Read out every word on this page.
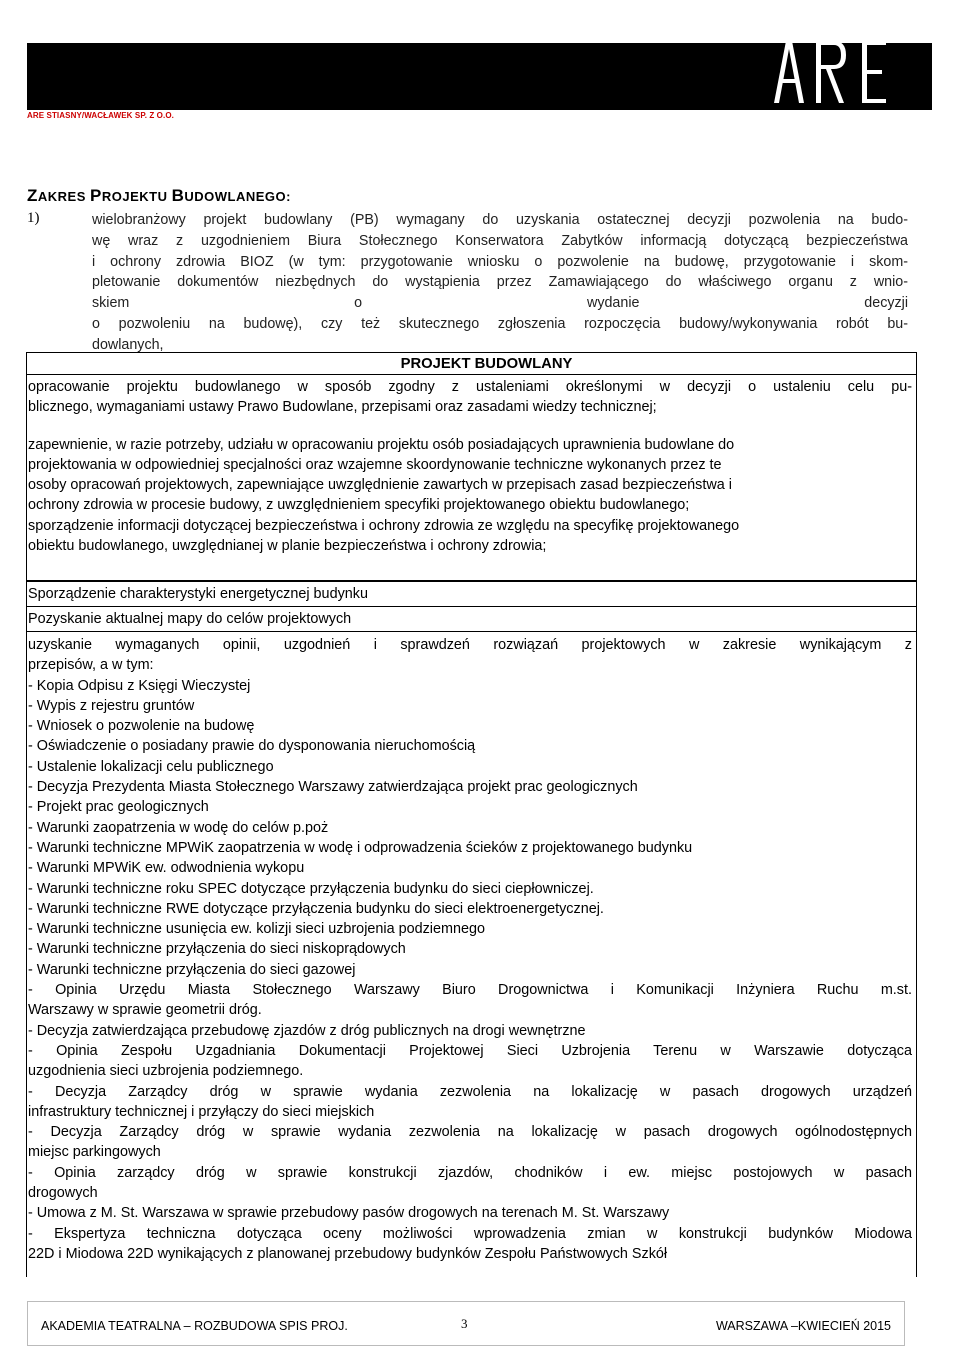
ARE STIASNY/WACŁAWEK SP. Z O.O.
ZAKRES PROJEKTU BUDOWLANEGO:
1)	wielobranżowy projekt budowlany (PB) wymagany do uzyskania ostatecznej decyzji pozwolenia na budo-
wę wraz z uzgodnieniem Biura Stołecznego Konserwatora Zabytków informacją dotyczącą bezpieczeństwa
i ochrony zdrowia BIOZ (w tym: przygotowanie wniosku o pozwolenie na budowę, przygotowanie i skom-
pletowanie dokumentów niezbędnych do wystąpienia przez Zamawiającego do właściwego organu z wnio-
skiem o wydanie decyzji
o pozwoleniu na budowę), czy też skutecznego zgłoszenia rozpoczęcia budowy/wykonywania robót bu-
dowlanych,
PROJEKT BUDOWLANY
opracowanie projektu budowlanego w sposób zgodny z ustaleniami określonymi w decyzji o ustaleniu celu pu-
blicznego, wymaganiami ustawy Prawo Budowlane, przepisami oraz zasadami wiedzy technicznej;
zapewnienie, w razie potrzeby, udziału w opracowaniu projektu osób posiadających uprawnienia budowlane do
projektowania w odpowiedniej specjalności oraz wzajemne skoordynowanie techniczne wykonanych przez te
osoby opracowań projektowych, zapewniające uwzględnienie zawartych w przepisach zasad bezpieczeństwa i
ochrony zdrowia w procesie budowy, z uwzględnieniem specyfiki projektowanego obiektu budowlanego;
sporządzenie informacji dotyczącej bezpieczeństwa i ochrony zdrowia ze względu na specyfikę projektowanego
obiektu budowlanego, uwzględnianej w planie bezpieczeństwa i ochrony zdrowia;
Sporządzenie charakterystyki energetycznej budynku
Pozyskanie aktualnej mapy do celów projektowych
uzyskanie wymaganych opinii, uzgodnień i sprawdzeń rozwiązań projektowych w zakresie wynikającym z
przepisów, a w tym:
- Kopia Odpisu z Księgi Wieczystej
- Wypis z rejestru gruntów
- Wniosek o pozwolenie na budowę
- Oświadczenie o posiadany prawie do dysponowania nieruchomością
- Ustalenie lokalizacji celu publicznego
- Decyzja Prezydenta Miasta Stołecznego Warszawy zatwierdzająca projekt prac geologicznych
- Projekt prac geologicznych
- Warunki zaopatrzenia w wodę do celów p.poż
- Warunki techniczne MPWiK zaopatrzenia w wodę i odprowadzenia ścieków z projektowanego budynku
- Warunki MPWiK ew. odwodnienia wykopu
- Warunki techniczne roku SPEC dotyczące przyłączenia budynku do sieci ciepłowniczej.
- Warunki techniczne RWE dotyczące przyłączenia budynku do sieci elektroenergetycznej.
- Warunki techniczne usunięcia ew. kolizji sieci uzbrojenia podziemnego
- Warunki techniczne przyłączenia do sieci niskoprądowych
- Warunki techniczne przyłączenia do sieci gazowej
- Opinia Urzędu Miasta Stołecznego Warszawy Biuro Drogownictwa i Komunikacji Inżyniera Ruchu m.st.
Warszawy w sprawie geometrii dróg.
- Decyzja zatwierdzająca przebudowę zjazdów z dróg publicznych na drogi wewnętrzne
- Opinia Zespołu Uzgadniania Dokumentacji Projektowej Sieci Uzbrojenia Terenu w Warszawie dotycząca
uzgodnienia sieci uzbrojenia podziemnego.
- Decyzja Zarządcy dróg w sprawie wydania zezwolenia na lokalizację w pasach drogowych urządzeń
infrastruktury technicznej i przyłączy do sieci miejskich
- Decyzja Zarządcy dróg w sprawie wydania zezwolenia na lokalizację w pasach drogowych ogólnodostępnych
miejsc parkingowych
- Opinia zarządcy dróg w sprawie konstrukcji zjazdów, chodników i ew. miejsc postojowych w pasach
drogowych
- Umowa z M. St. Warszawa w sprawie przebudowy pasów drogowych na terenach M. St. Warszawy
- Ekspertyza techniczna dotycząca oceny możliwości wprowadzenia zmian w konstrukcji budynków Miodowa
22D i Miodowa 22D wynikających z planowanej przebudowy budynków Zespołu Państwowych Szkół
AKADEMIA TEATRALNA – ROZBUDOWA SPIS PROJ.	3	WARSZAWA –KWIECIEŃ 2015
